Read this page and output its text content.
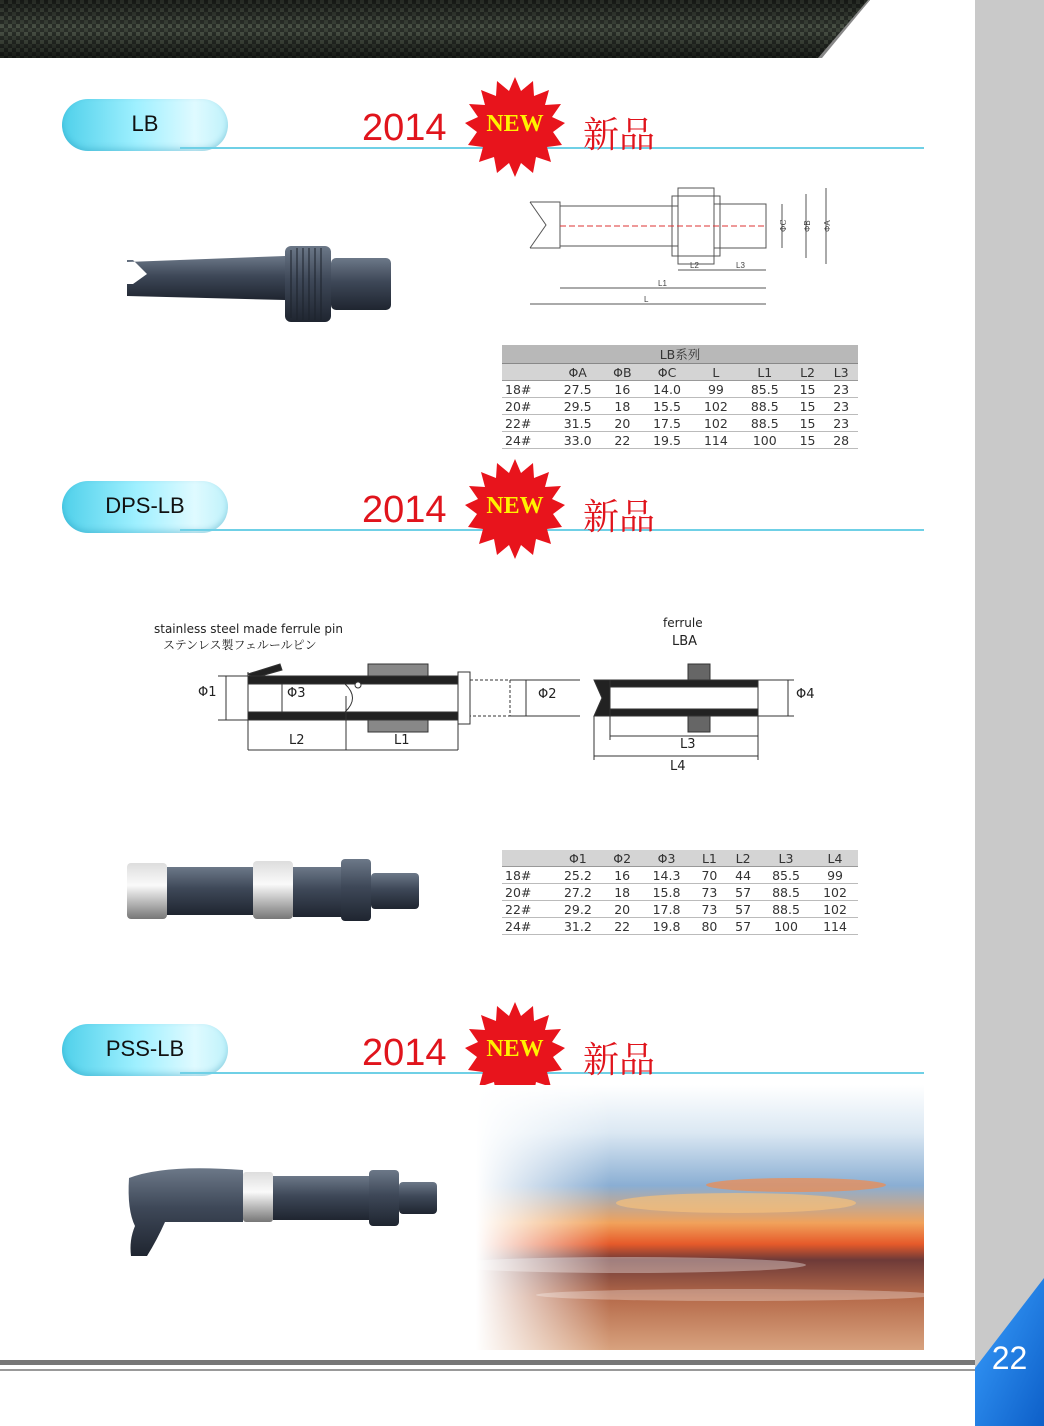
22
LB	2014	NEW	新品
ΦC ΦB ΦA
L2	L3
L1
L
LB系列							
	ΦA	ΦB	ΦC	L	L1	L2	L3
18#	27.5	16	14.0	99	85.5	15	23
20#	29.5	18	15.5	102	88.5	15	23
22#	31.5	20	17.5	102	88.5	15	23
24#	33.0	22	19.5	114	100	15	28
DPS-LB	2014	NEW	新品
stainless steel made ferrule pin
ステンレス製フェルールピン
ferrule
LBA
Φ1	Φ3	Φ2	Φ4
L2	L1	L3
L4
	Φ1	Φ2	Φ3	L1	L2	L3	L4
18#	25.2	16	14.3	70	44	85.5	99
20#	27.2	18	15.8	73	57	88.5	102
22#	29.2	20	17.8	73	57	88.5	102
24#	31.2	22	19.8	80	57	100	114
PSS-LB	2014	NEW	新品
